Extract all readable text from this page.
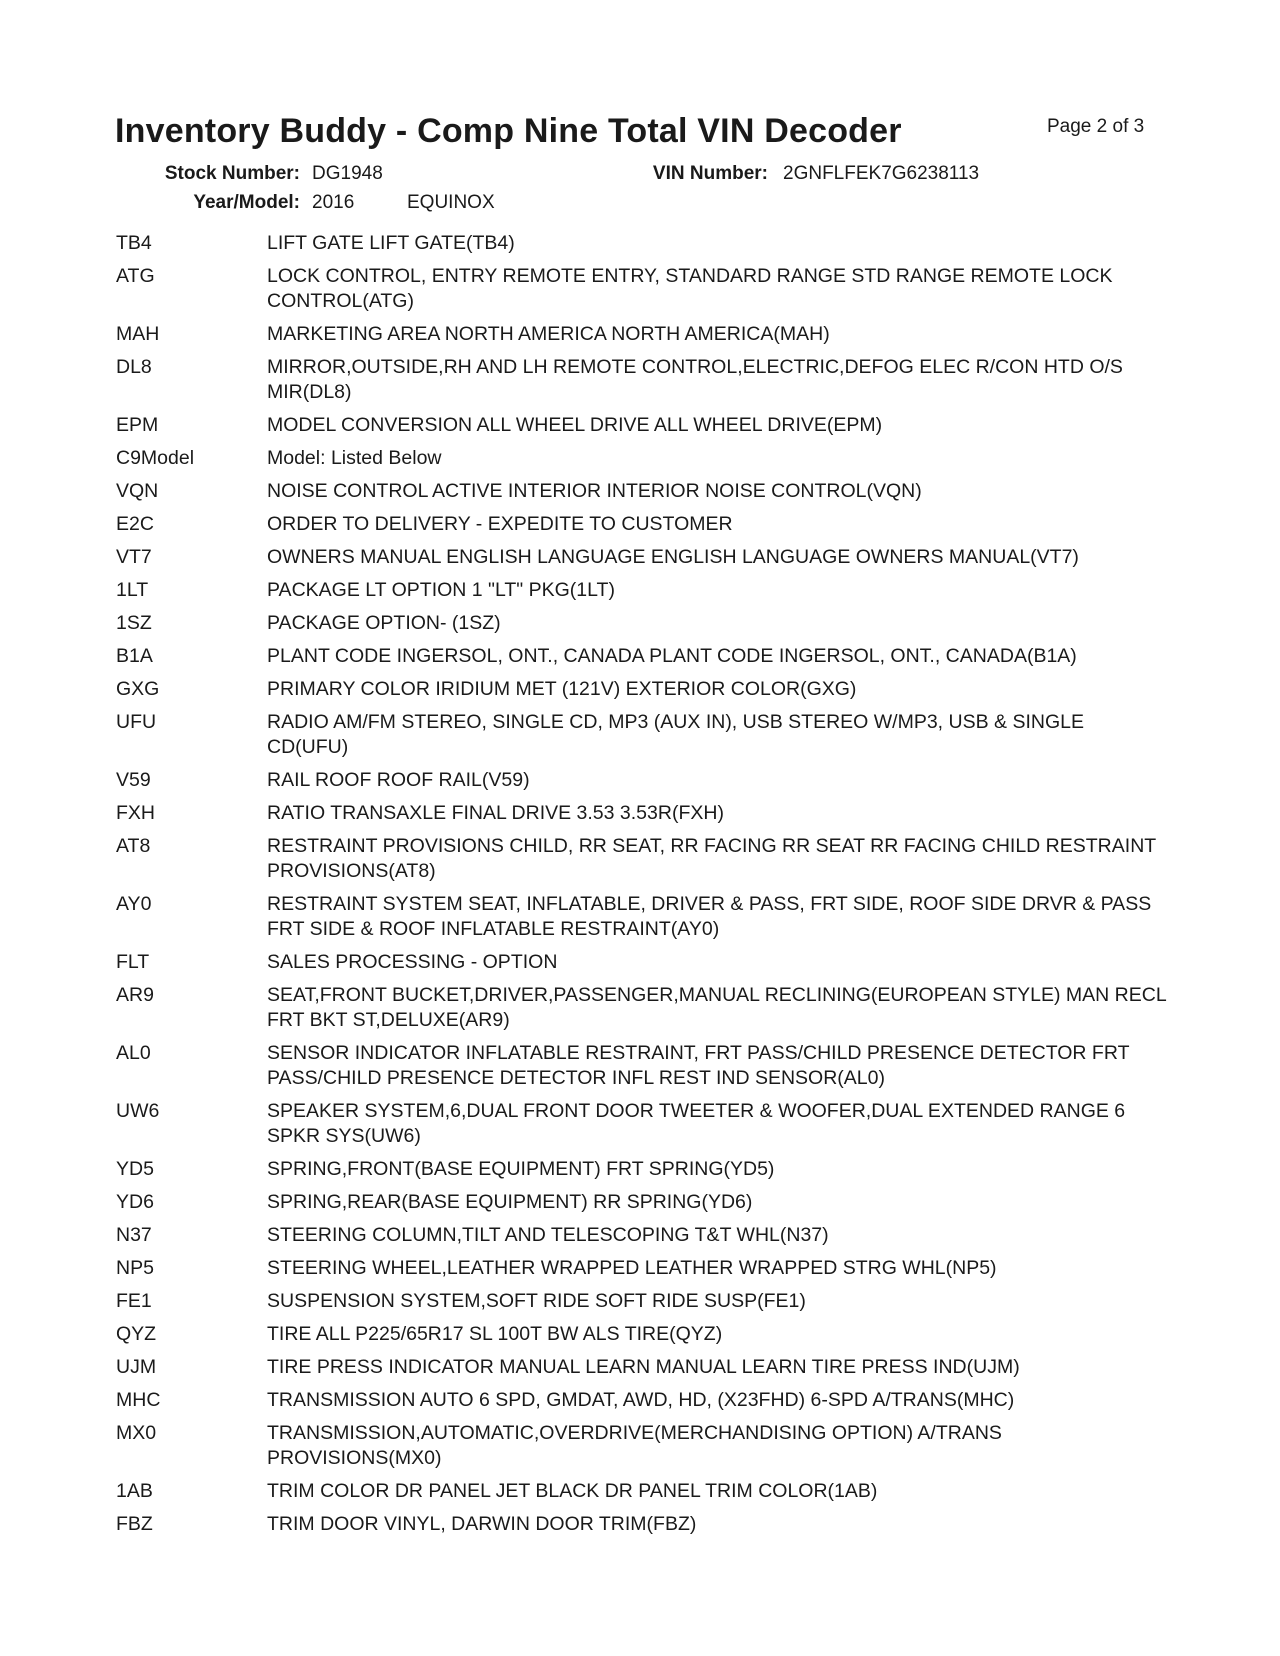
Inventory Buddy - Comp Nine Total VIN Decoder	Page 2 of 3
Stock Number: DG1948	VIN Number: 2GNFLFEK7G6238113
Year/Model: 2016	EQUINOX
TB4	LIFT GATE LIFT GATE(TB4)
ATG	LOCK CONTROL, ENTRY REMOTE ENTRY, STANDARD RANGE STD RANGE REMOTE LOCK CONTROL(ATG)
MAH	MARKETING AREA NORTH AMERICA NORTH AMERICA(MAH)
DL8	MIRROR,OUTSIDE,RH AND LH REMOTE CONTROL,ELECTRIC,DEFOG ELEC R/CON HTD O/S MIR(DL8)
EPM	MODEL CONVERSION ALL WHEEL DRIVE ALL WHEEL DRIVE(EPM)
C9Model	Model: Listed Below
VQN	NOISE CONTROL ACTIVE INTERIOR INTERIOR NOISE CONTROL(VQN)
E2C	ORDER TO DELIVERY - EXPEDITE TO CUSTOMER
VT7	OWNERS MANUAL ENGLISH LANGUAGE ENGLISH LANGUAGE OWNERS MANUAL(VT7)
1LT	PACKAGE LT OPTION 1 "LT" PKG(1LT)
1SZ	PACKAGE OPTION- (1SZ)
B1A	PLANT CODE INGERSOL, ONT., CANADA PLANT CODE INGERSOL, ONT., CANADA(B1A)
GXG	PRIMARY COLOR IRIDIUM MET (121V) EXTERIOR COLOR(GXG)
UFU	RADIO AM/FM STEREO, SINGLE CD, MP3 (AUX IN), USB STEREO W/MP3, USB & SINGLE CD(UFU)
V59	RAIL ROOF ROOF RAIL(V59)
FXH	RATIO TRANSAXLE FINAL DRIVE 3.53 3.53R(FXH)
AT8	RESTRAINT PROVISIONS CHILD, RR SEAT, RR FACING RR SEAT RR FACING CHILD RESTRAINT PROVISIONS(AT8)
AY0	RESTRAINT SYSTEM SEAT, INFLATABLE, DRIVER & PASS, FRT SIDE, ROOF SIDE DRVR & PASS FRT SIDE & ROOF INFLATABLE RESTRAINT(AY0)
FLT	SALES PROCESSING - OPTION
AR9	SEAT,FRONT BUCKET,DRIVER,PASSENGER,MANUAL RECLINING(EUROPEAN STYLE) MAN RECL FRT BKT ST,DELUXE(AR9)
AL0	SENSOR INDICATOR INFLATABLE RESTRAINT, FRT PASS/CHILD PRESENCE DETECTOR FRT PASS/CHILD PRESENCE DETECTOR INFL REST IND SENSOR(AL0)
UW6	SPEAKER SYSTEM,6,DUAL FRONT DOOR TWEETER & WOOFER,DUAL EXTENDED RANGE 6 SPKR SYS(UW6)
YD5	SPRING,FRONT(BASE EQUIPMENT) FRT SPRING(YD5)
YD6	SPRING,REAR(BASE EQUIPMENT) RR SPRING(YD6)
N37	STEERING COLUMN,TILT AND TELESCOPING T&T WHL(N37)
NP5	STEERING WHEEL,LEATHER WRAPPED LEATHER WRAPPED STRG WHL(NP5)
FE1	SUSPENSION SYSTEM,SOFT RIDE SOFT RIDE SUSP(FE1)
QYZ	TIRE ALL P225/65R17 SL 100T BW ALS TIRE(QYZ)
UJM	TIRE PRESS INDICATOR MANUAL LEARN MANUAL LEARN TIRE PRESS IND(UJM)
MHC	TRANSMISSION AUTO 6 SPD, GMDAT, AWD, HD, (X23FHD) 6-SPD A/TRANS(MHC)
MX0	TRANSMISSION,AUTOMATIC,OVERDRIVE(MERCHANDISING OPTION) A/TRANS PROVISIONS(MX0)
1AB	TRIM COLOR DR PANEL JET BLACK DR PANEL TRIM COLOR(1AB)
FBZ	TRIM DOOR VINYL, DARWIN DOOR TRIM(FBZ)
